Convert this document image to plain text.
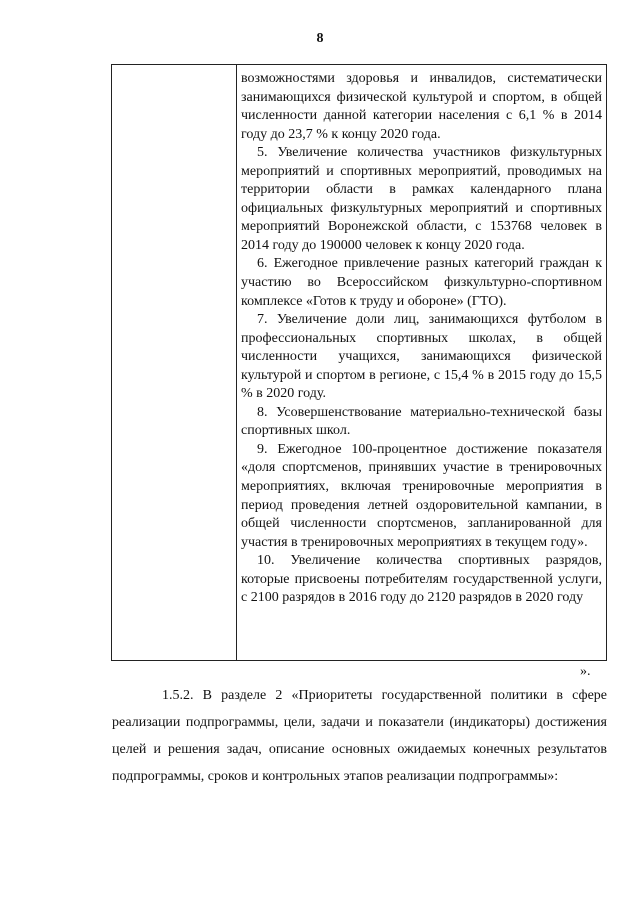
8

возможностями здоровья и инвалидов, систематически занимающихся физической культурой и спортом, в общей численности данной категории населения с 6,1 % в 2014 году до 23,7 % к концу 2020 года.

5. Увеличение количества участников физкультурных мероприятий и спортивных мероприятий, проводимых на территории области в рамках календарного плана официальных физкультурных мероприятий и спортивных мероприятий Воронежской области, с 153768 человек в 2014 году до 190000 человек к концу 2020 года.

6. Ежегодное привлечение разных категорий граждан к участию во Всероссийском физкультурно-спортивном комплексе «Готов к труду и обороне» (ГТО).

7. Увеличение доли лиц, занимающихся футболом в профессиональных спортивных школах, в общей численности учащихся, занимающихся физической культурой и спортом в регионе, с 15,4 % в 2015 году до 15,5 % в 2020 году.

8. Усовершенствование материально-технической базы спортивных школ.

9. Ежегодное 100-процентное достижение показателя «доля спортсменов, принявших участие в тренировочных мероприятиях, включая тренировочные мероприятия в период проведения летней оздоровительной кампании, в общей численности спортсменов, запланированной для участия в тренировочных мероприятиях в текущем году».

10. Увеличение количества спортивных разрядов, которые присвоены потребителям государственной услуги, с 2100 разрядов в 2016 году до 2120 разрядов в 2020 году

».

1.5.2. В разделе 2 «Приоритеты государственной политики в сфере реализации подпрограммы, цели, задачи и показатели (индикаторы) достижения целей и решения задач, описание основных ожидаемых конечных результатов подпрограммы, сроков и контрольных этапов реализации подпрограммы»:
